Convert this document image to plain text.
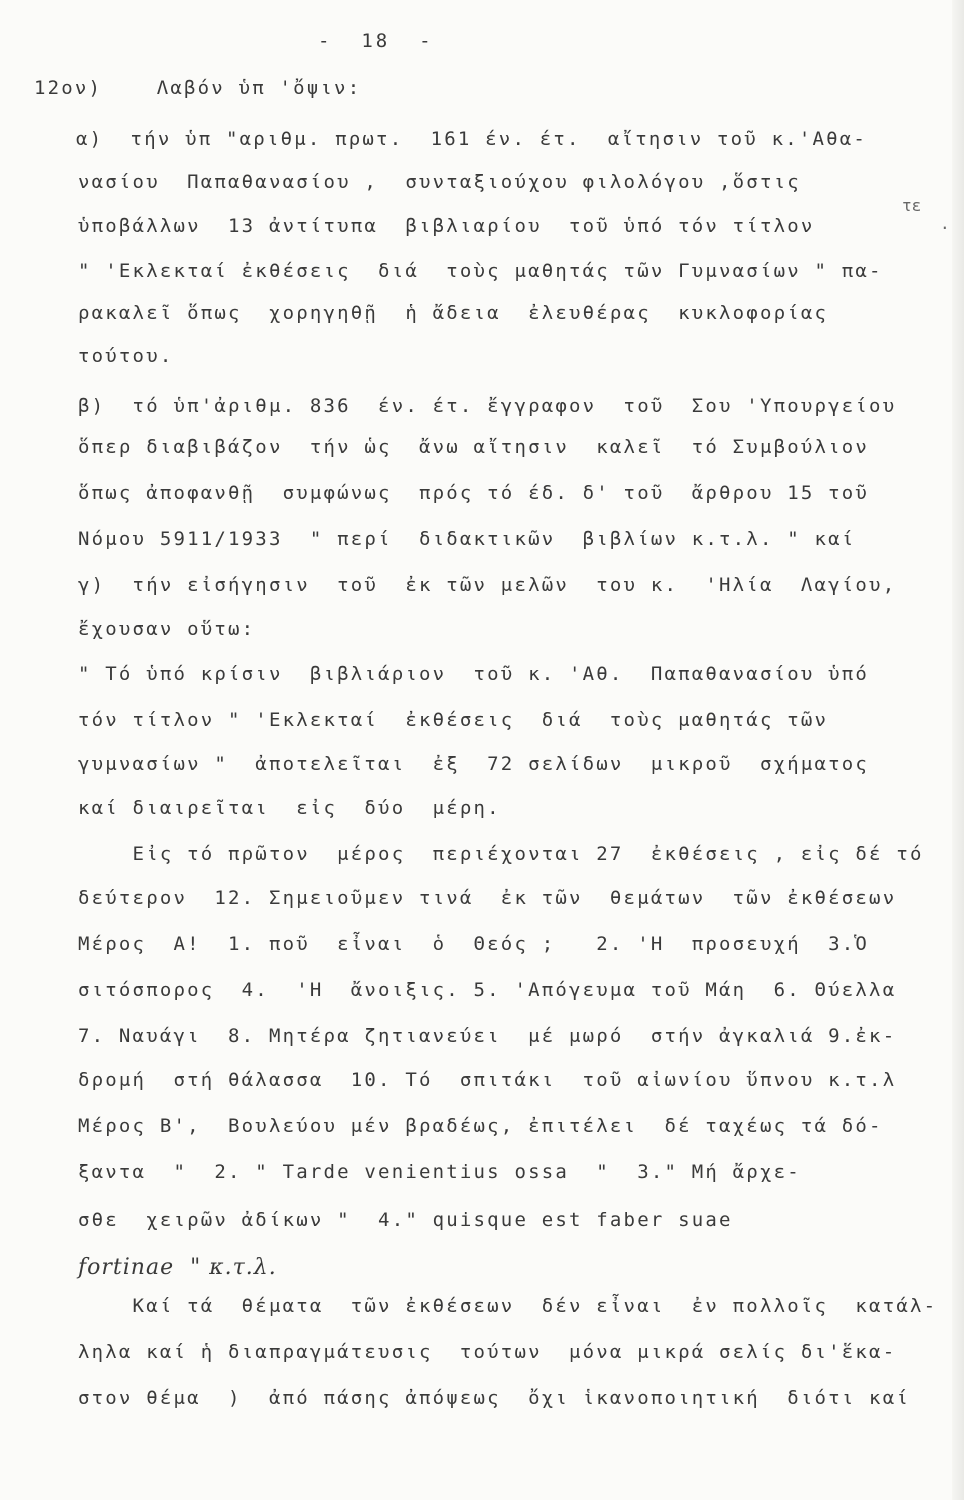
-  18  -
12ον)    Λαβόν ὑπ 'ὄψιν:
α)  τήν ὑπ "αριθμ. πρωτ.  161 έν. έτ.  αἴτησιν τοῦ κ.'Αθα-
νασίου  Παπαθανασίου ,  συνταξιούχου φιλολόγου ,ὅστις
ὑποβάλλων  13 ἀντίτυπα  βιβλιαρίου  τοῦ ὑπό τόν τίτλον
" 'Εκλεκταί ἐκθέσεις  διά  τοὺς μαθητάς τῶν Γυμνασίων " πα-
ρακαλεῖ ὅπως  χορηγηθῇ  ἡ ἄδεια  ἐλευθέρας  κυκλοφορίας
τούτου.
β)  τό ὑπ'ἀριθμ. 836  έν. έτ. ἔγγραφον  τοῦ  Σου 'Υπουργείου
ὅπερ διαβιβάζον  τήν ὡς  ἄνω αἴτησιν  καλεῖ  τό Συμβούλιον
ὅπως ἀποφανθῇ  συμφώνως  πρός τό έδ. δ' τοῦ  ἄρθρου 15 τοῦ
Νόμου 5911/1933  " περί  διδακτικῶν  βιβλίων κ.τ.λ. " καί
γ)  τήν εἰσήγησιν  τοῦ  ἐκ τῶν μελῶν  του κ.  'Ηλία  Λαγίου,
ἔχουσαν οὕτω:
" Τό ὑπό κρίσιν  βιβλιάριον  τοῦ κ. 'Αθ.  Παπαθανασίου ὑπό
τόν τίτλον " 'Εκλεκταί  ἐκθέσεις  διά  τοὺς μαθητάς τῶν
γυμνασίων "  ἀποτελεῖται  ἐξ  72 σελίδων  μικροῦ  σχήματος
καί διαιρεῖται  εἰς  δύο  μέρη.
Εἰς τό πρῶτον  μέρος  περιέχονται 27  ἐκθέσεις , εἰς δέ τό
δεύτερον  12. Σημειοῦμεν τινά  ἐκ τῶν  θεμάτων  τῶν ἐκθέσεων
Μέρος  Α!  1. ποῦ  εἶναι  ὁ  Θεός ;   2. 'Η  προσευχή  3.Ὁ
σιτόσπορος  4.  'Η  ἄνοιξις. 5. 'Απόγευμα τοῦ Μάη  6. Θύελλα
7. Ναυάγι  8. Μητέρα ζητιανεύει  μέ μωρό  στήν ἀγκαλιά 9.ἐκ-
δρομή  στή θάλασσα  10. Τό  σπιτάκι  τοῦ αἰωνίου ὕπνου κ.τ.λ
Μέρος Β',  Βουλεύου μέν βραδέως, ἐπιτέλει  δέ ταχέως τά δό-
ξαντα  "  2. " Tarde venientius ossa  "  3." Μή ἄρχε-
σθε  χειρῶν ἀδίκων "  4." quisque est faber suae
fortinae  " κ.τ.λ.
Καί τά  θέματα  τῶν ἐκθέσεων  δέν εἶναι  ἐν πολλοῖς  κατάλ-
ληλα καί ἡ διαπραγμάτευσις  τούτων  μόνα μικρά σελίς δι'ἕκα-
στον θέμα  )  ἀπό πάσης ἀπόψεως  ὄχι ἱκανοποιητική  διότι καί
τε
.
